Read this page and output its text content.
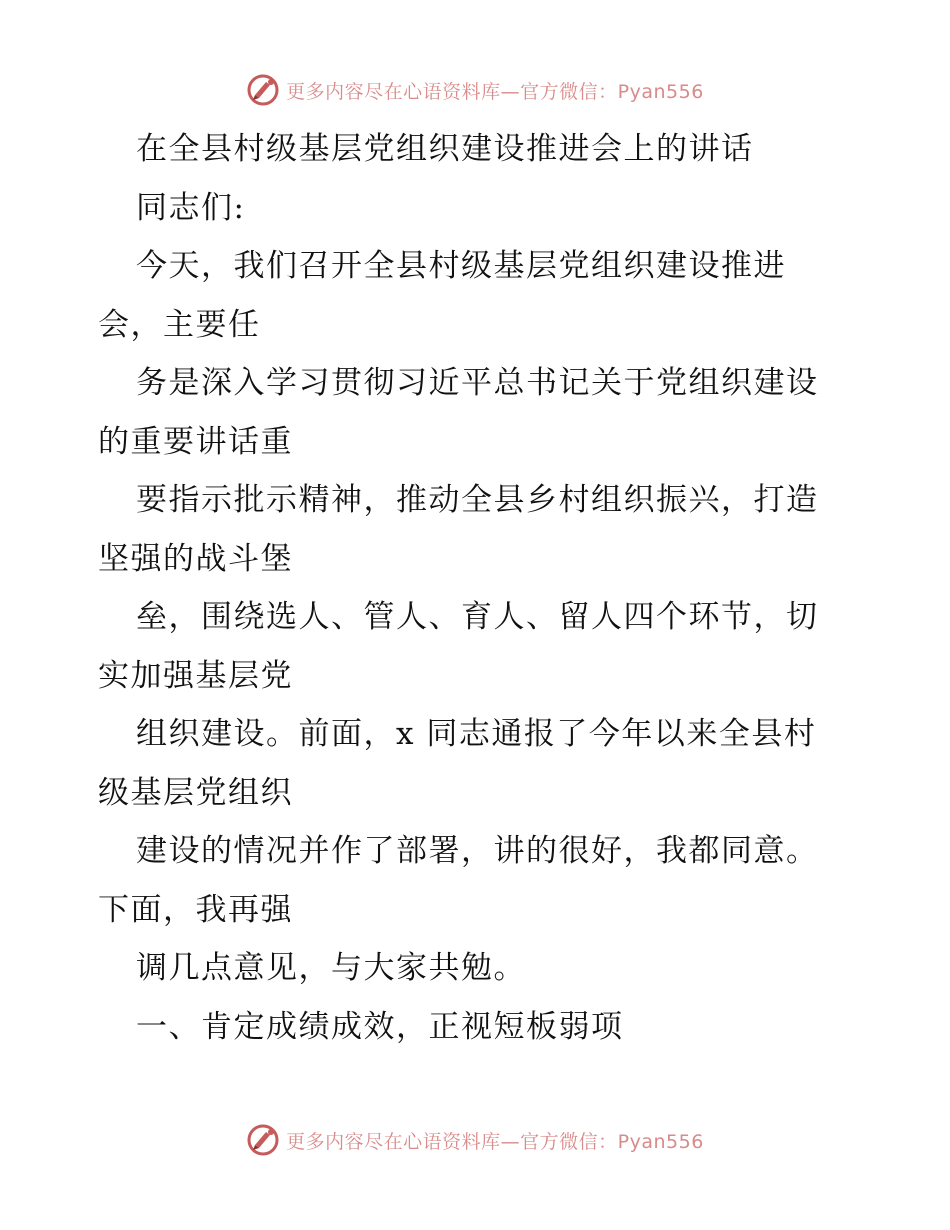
更多内容尽在心语资料库—官方微信：Pyan556
在全县村级基层党组织建设推进会上的讲话
同志们:
今天，我们召开全县村级基层党组织建设推进
会，主要任
务是深入学习贯彻习近平总书记关于党组织建设
的重要讲话重
要指示批示精神，推动全县乡村组织振兴，打造
坚强的战斗堡
垒，围绕选人、管人、育人、留人四个环节，切
实加强基层党
组织建设。前面，x 同志通报了今年以来全县村
级基层党组织
建设的情况并作了部署，讲的很好，我都同意。
下面，我再强
调几点意见，与大家共勉。
一、肯定成绩成效，正视短板弱项
更多内容尽在心语资料库—官方微信：Pyan556
